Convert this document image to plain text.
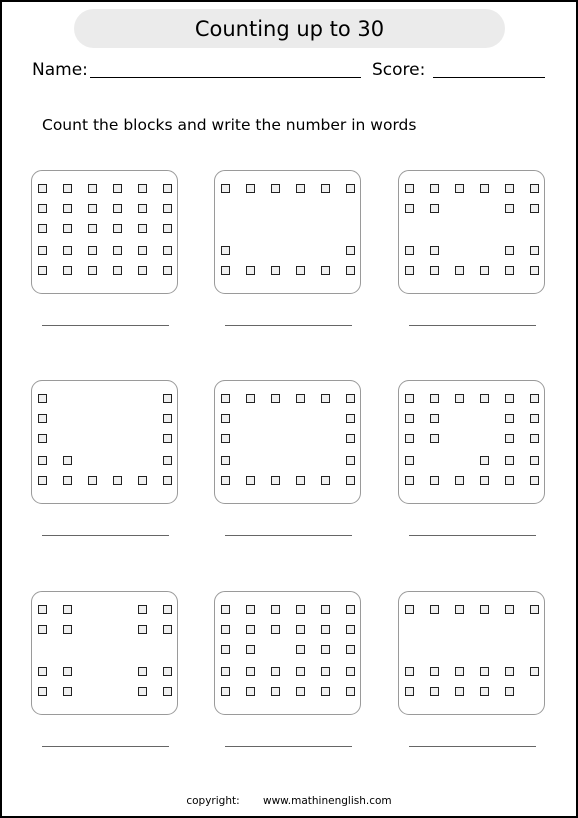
Counting up to 30
Name:	Score:
Count the blocks and write the number in words
copyright: www.mathinenglish.com
